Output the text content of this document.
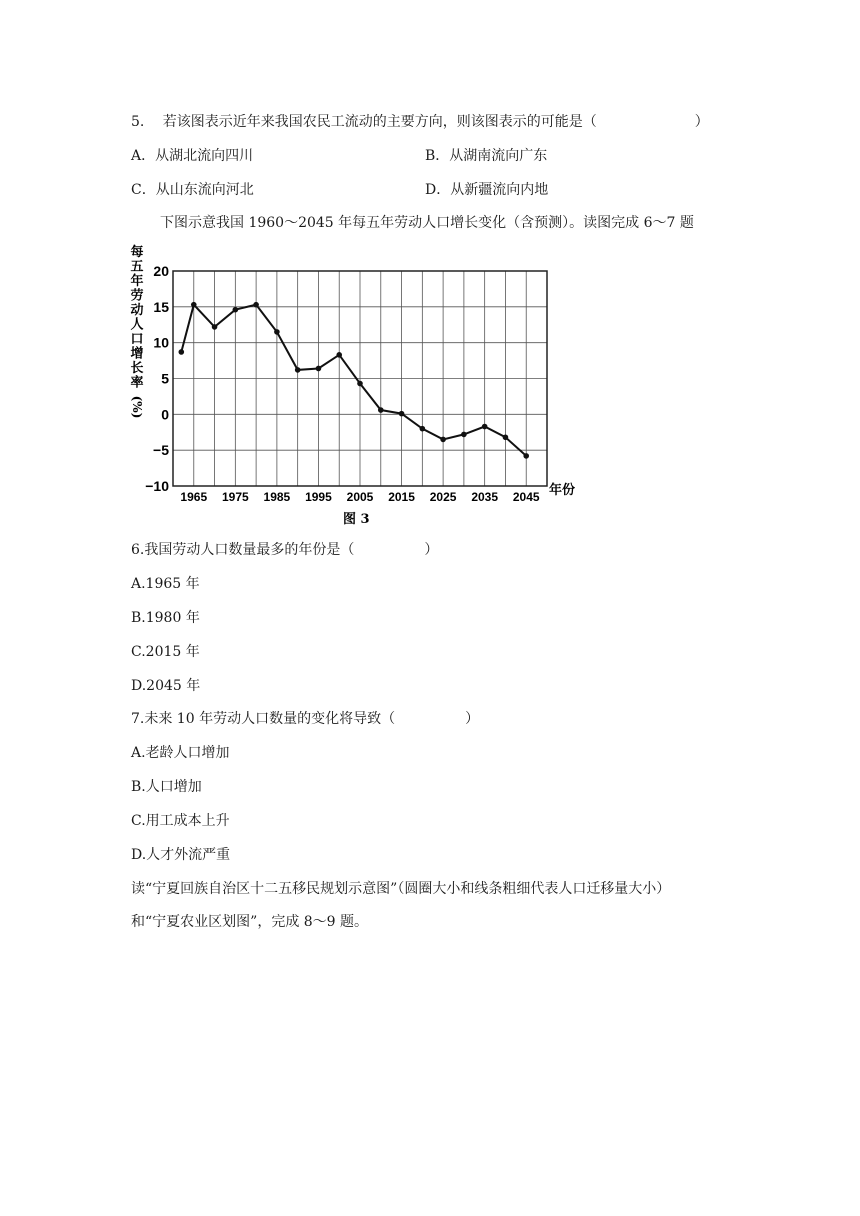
5.　 若该图表示近年来我国农民工流动的主要方向，则该图表示的可能是（　　　　　　　）
A．从湖北流向四川	B．从湖南流向广东
C．从山东流向河北	D．从新疆流向内地
下图示意我国 1960～2045 年每五年劳动人口增长变化（含预测）。读图完成 6～7 题
每
五
年
劳
动
人
口
增
长
率
(%)
20
15
10
5
0
−5
−10
1965 1975 1985 1995 2005 2015 2025 2035 2045 年份
图 3
6.我国劳动人口数量最多的年份是（　　　　　）
A.1965 年
B.1980 年
C.2015 年
D.2045 年
7.未来 10 年劳动人口数量的变化将导致（　　　　　）
A.老龄人口增加
B.人口增加
C.用工成本上升
D.人才外流严重
读“宁夏回族自治区十二五移民规划示意图”（圆圈大小和线条粗细代表人口迁移量大小）
和“宁夏农业区划图”，完成 8～9 题。
